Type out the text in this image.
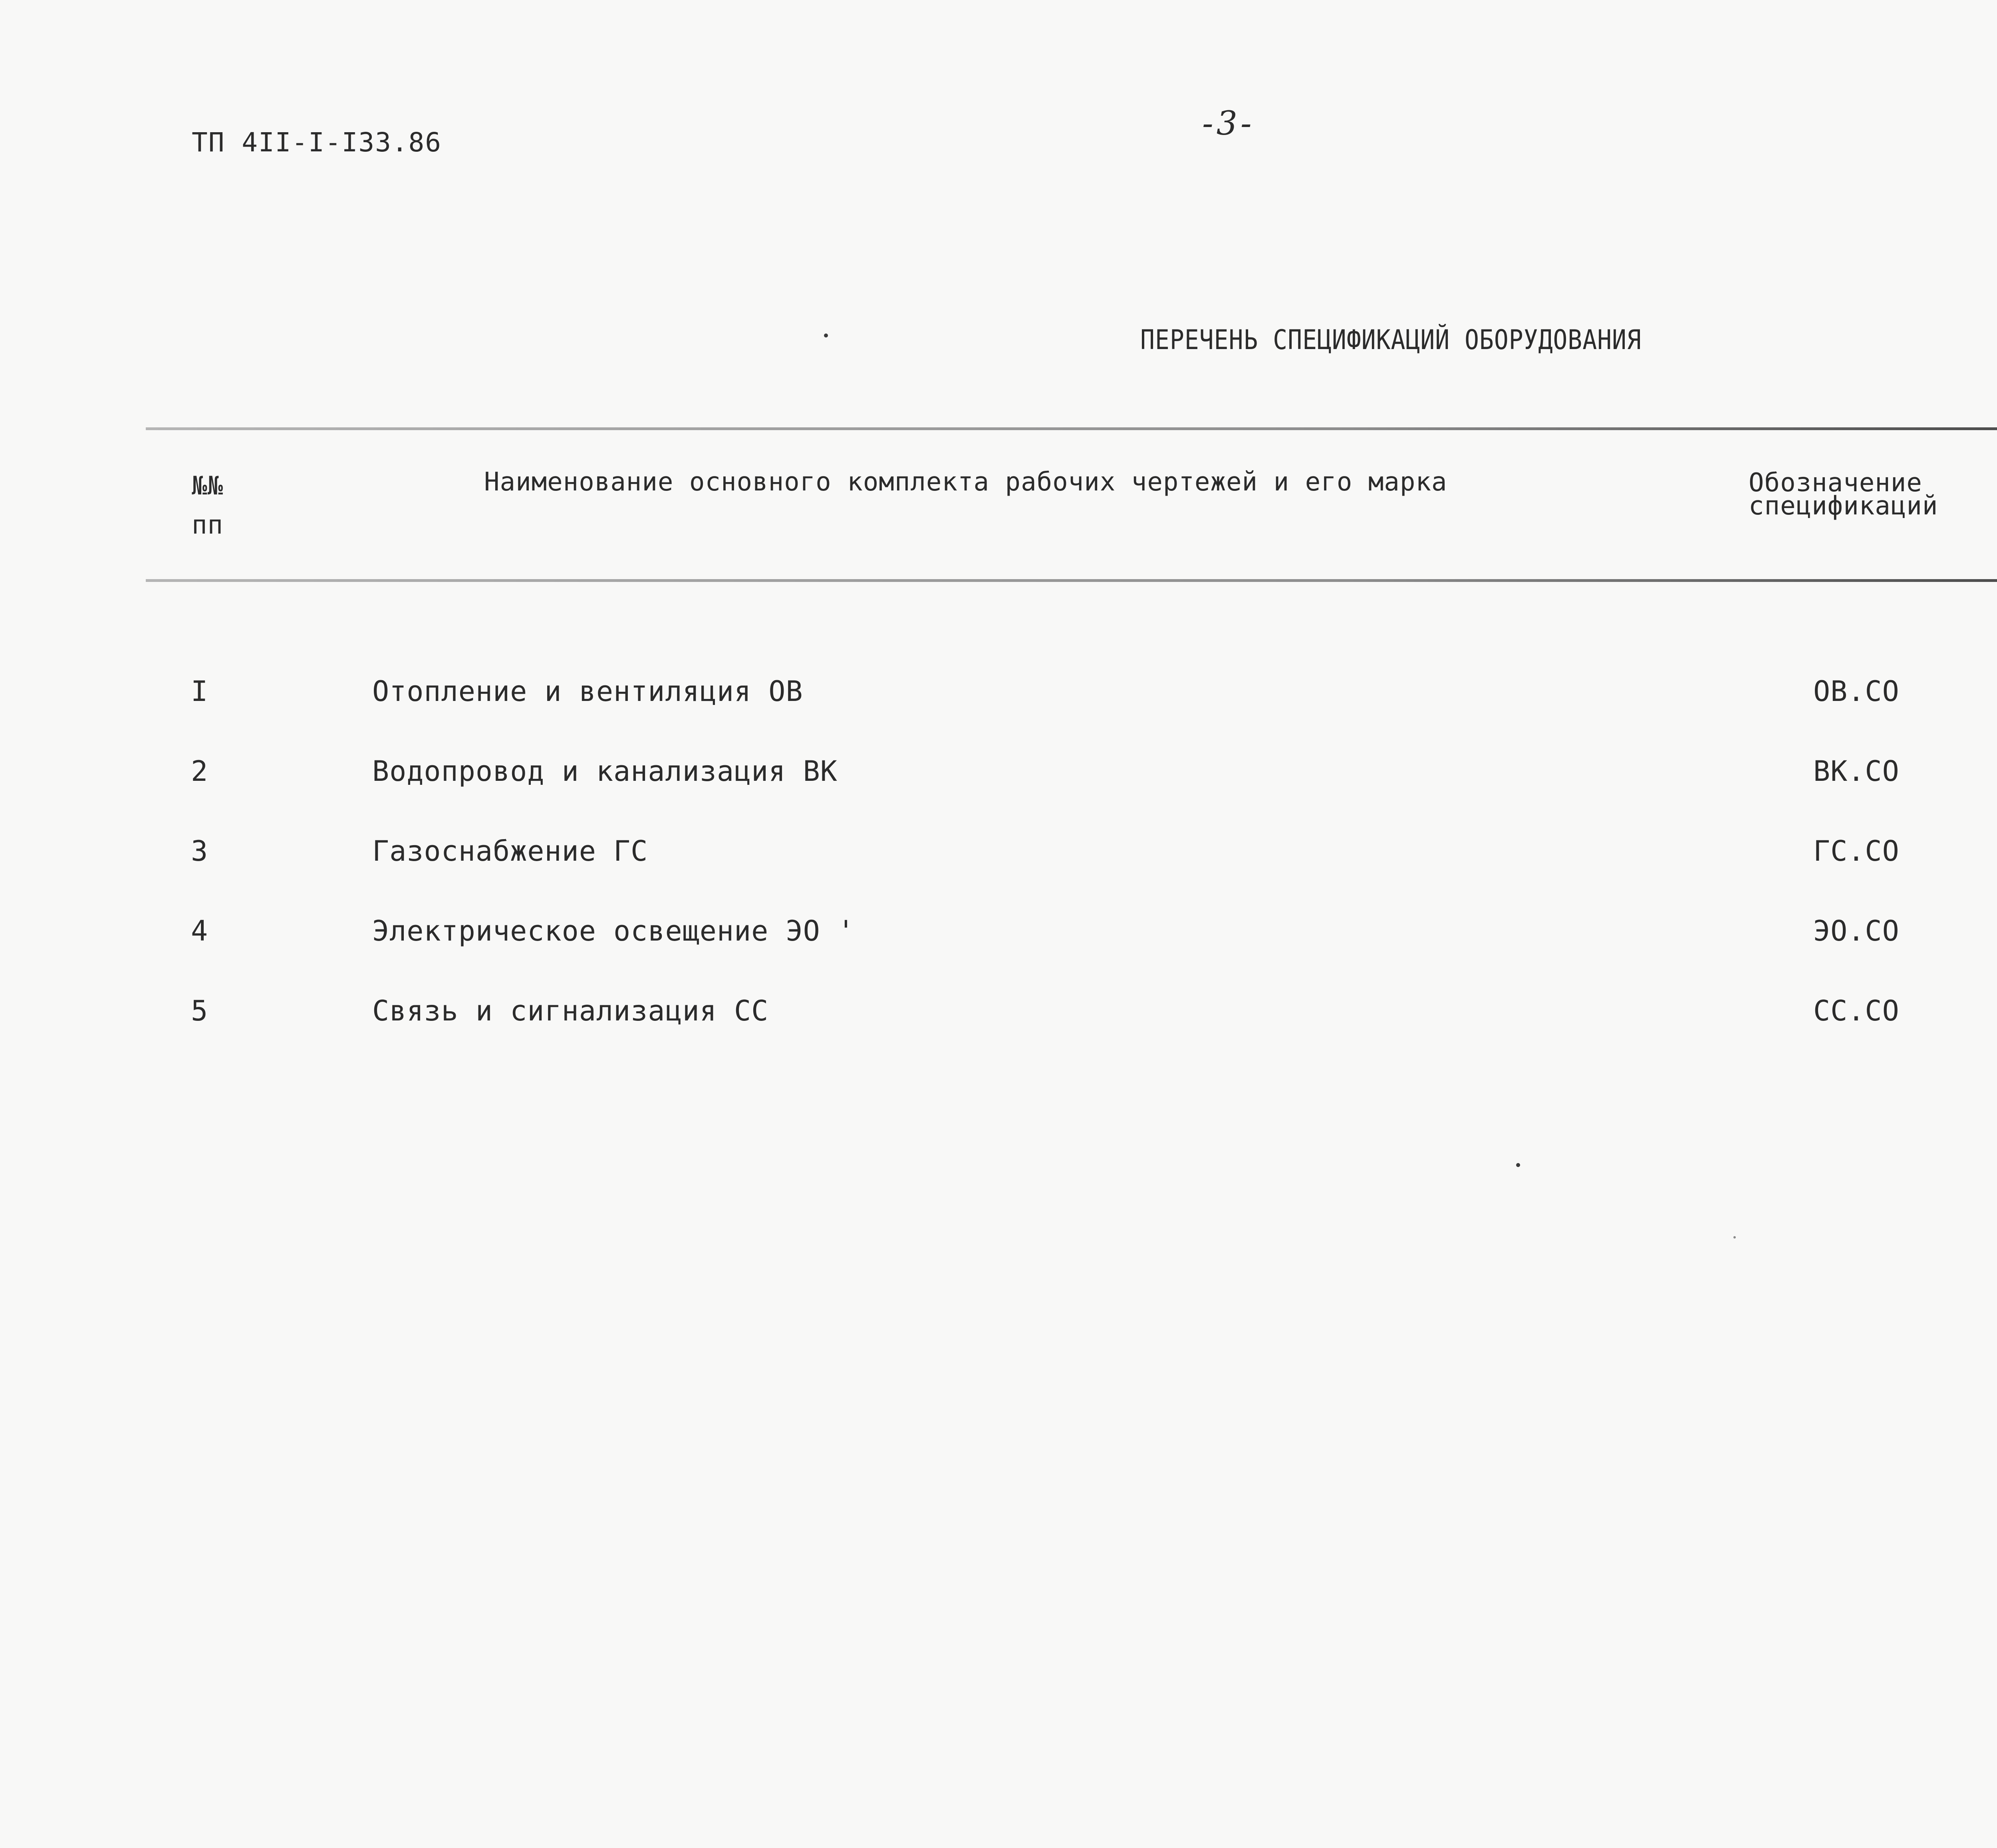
ТП 4II-I-I33.86	-3-
ПЕРЕЧЕНЬ СПЕЦИФИКАЦИЙ ОБОРУДОВАНИЯ
№№
пп
Наименование основного комплекта рабочих чертежей и его марка	Обозначение
спецификаций
I	Отопление и вентиляция ОВ	ОВ.СО
2	Водопровод и канализация ВК	ВК.СО
3	Газоснабжение ГС	ГС.СО
4	Электрическое освещение ЭО '	ЭО.СО
5	Связь и сигнализация СС	СС.СО
